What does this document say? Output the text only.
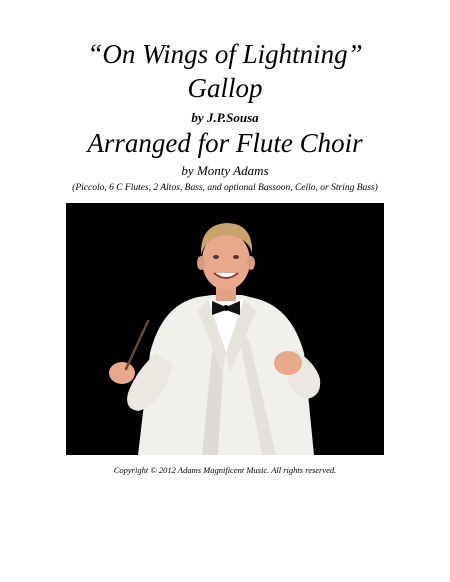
“On Wings of Lightning”

Gallop

by J.P.Sousa

Arranged for Flute Choir

by Monty Adams

(Piccolo, 6 C Flutes, 2 Altos, Bass, and optional Bassoon, Cello, or String Bass)

Copyright © 2012 Adams Magnificent Music. All rights reserved.
